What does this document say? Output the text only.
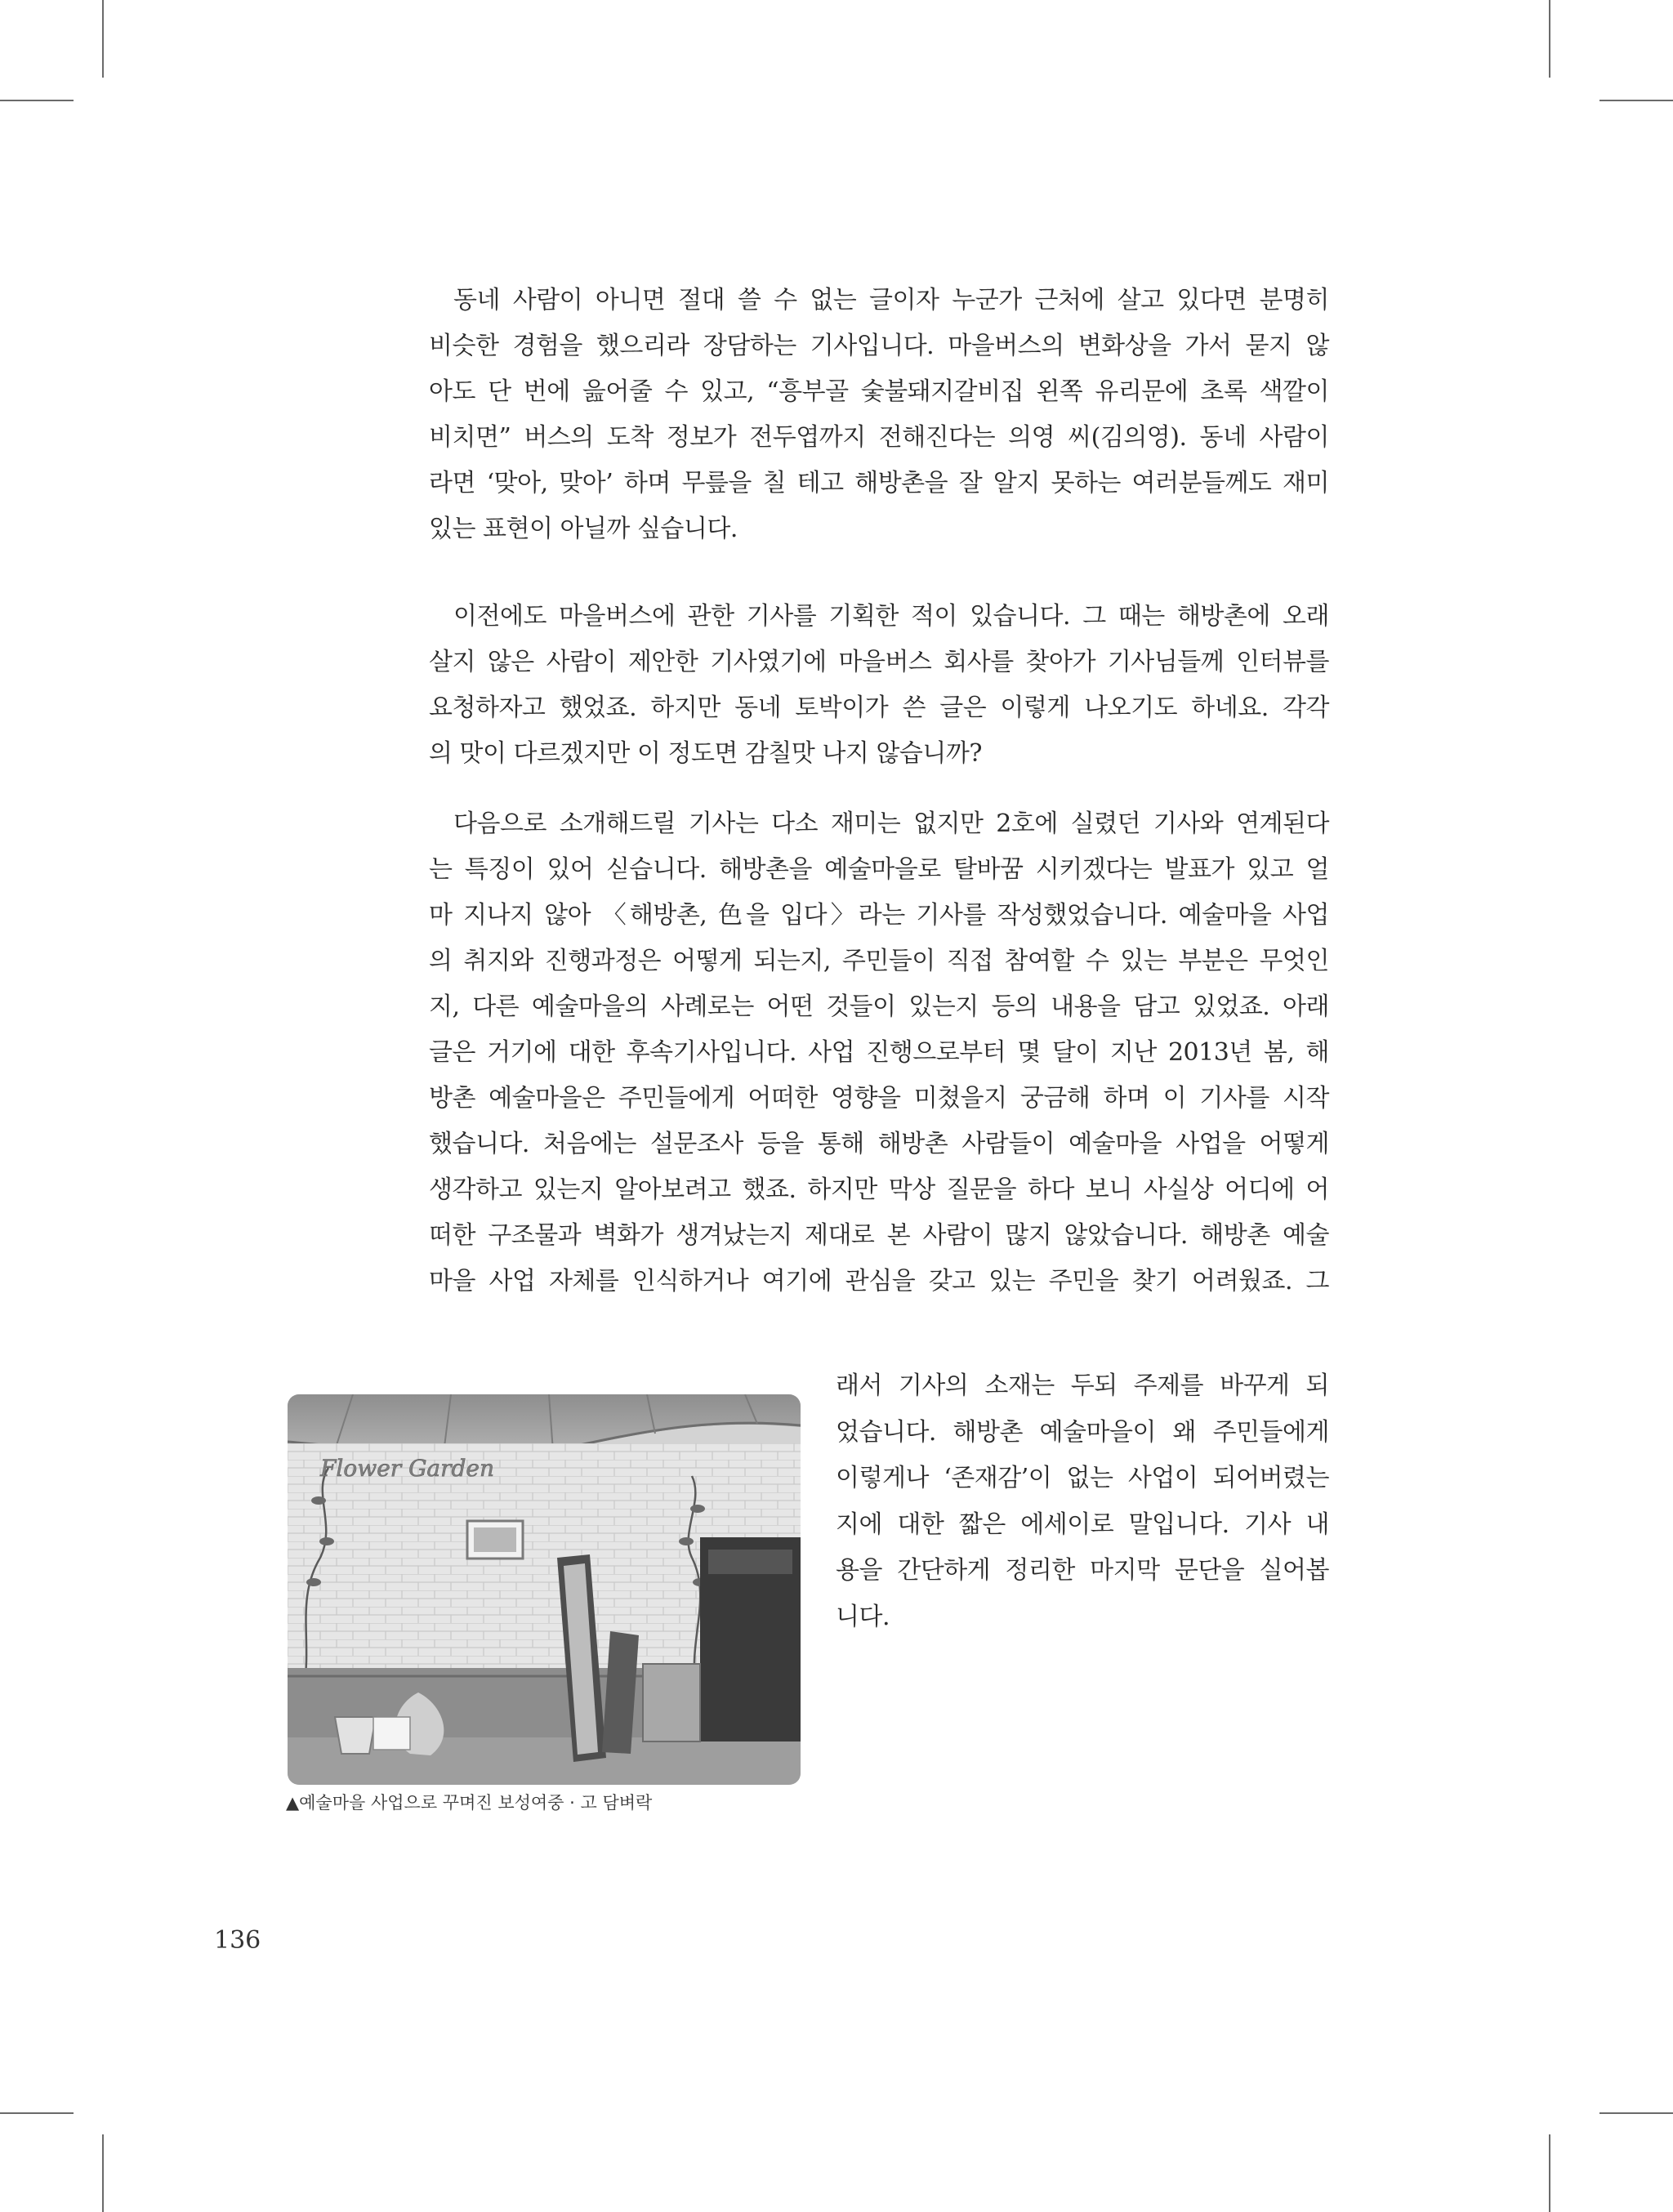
동네 사람이 아니면 절대 쓸 수 없는 글이자 누군가 근처에 살고 있다면 분명히
비슷한 경험을 했으리라 장담하는 기사입니다. 마을버스의 변화상을 가서 묻지 않
아도 단 번에 읊어줄 수 있고, “흥부골 숯불돼지갈비집 왼쪽 유리문에 초록 색깔이
비치면” 버스의 도착 정보가 전두엽까지 전해진다는 의영 씨(김의영). 동네 사람이
라면 ‘맞아, 맞아’ 하며 무릎을 칠 테고 해방촌을 잘 알지 못하는 여러분들께도 재미
있는 표현이 아닐까 싶습니다.
이전에도 마을버스에 관한 기사를 기획한 적이 있습니다. 그 때는 해방촌에 오래
살지 않은 사람이 제안한 기사였기에 마을버스 회사를 찾아가 기사님들께 인터뷰를
요청하자고 했었죠. 하지만 동네 토박이가 쓴 글은 이렇게 나오기도 하네요. 각각
의 맛이 다르겠지만 이 정도면 감칠맛 나지 않습니까?
다음으로 소개해드릴 기사는 다소 재미는 없지만 2호에 실렸던 기사와 연계된다
는 특징이 있어 싣습니다. 해방촌을 예술마을로 탈바꿈 시키겠다는 발표가 있고 얼
마 지나지 않아 〈해방촌, 色을 입다〉라는 기사를 작성했었습니다. 예술마을 사업
의 취지와 진행과정은 어떻게 되는지, 주민들이 직접 참여할 수 있는 부분은 무엇인
지, 다른 예술마을의 사례로는 어떤 것들이 있는지 등의 내용을 담고 있었죠. 아래
글은 거기에 대한 후속기사입니다. 사업 진행으로부터 몇 달이 지난 2013년 봄, 해
방촌 예술마을은 주민들에게 어떠한 영향을 미쳤을지 궁금해 하며 이 기사를 시작
했습니다. 처음에는 설문조사 등을 통해 해방촌 사람들이 예술마을 사업을 어떻게
생각하고 있는지 알아보려고 했죠. 하지만 막상 질문을 하다 보니 사실상 어디에 어
떠한 구조물과 벽화가 생겨났는지 제대로 본 사람이 많지 않았습니다. 해방촌 예술
마을 사업 자체를 인식하거나 여기에 관심을 갖고 있는 주민을 찾기 어려웠죠. 그
래서 기사의 소재는 두되 주제를 바꾸게 되
었습니다. 해방촌 예술마을이 왜 주민들에게
이렇게나 ‘존재감’이 없는 사업이 되어버렸는
지에 대한 짧은 에세이로 말입니다. 기사 내
용을 간단하게 정리한 마지막 문단을 실어봅
니다.
Flower Garden
▲예술마을 사업으로 꾸며진 보성여중 · 고 담벼락
136
